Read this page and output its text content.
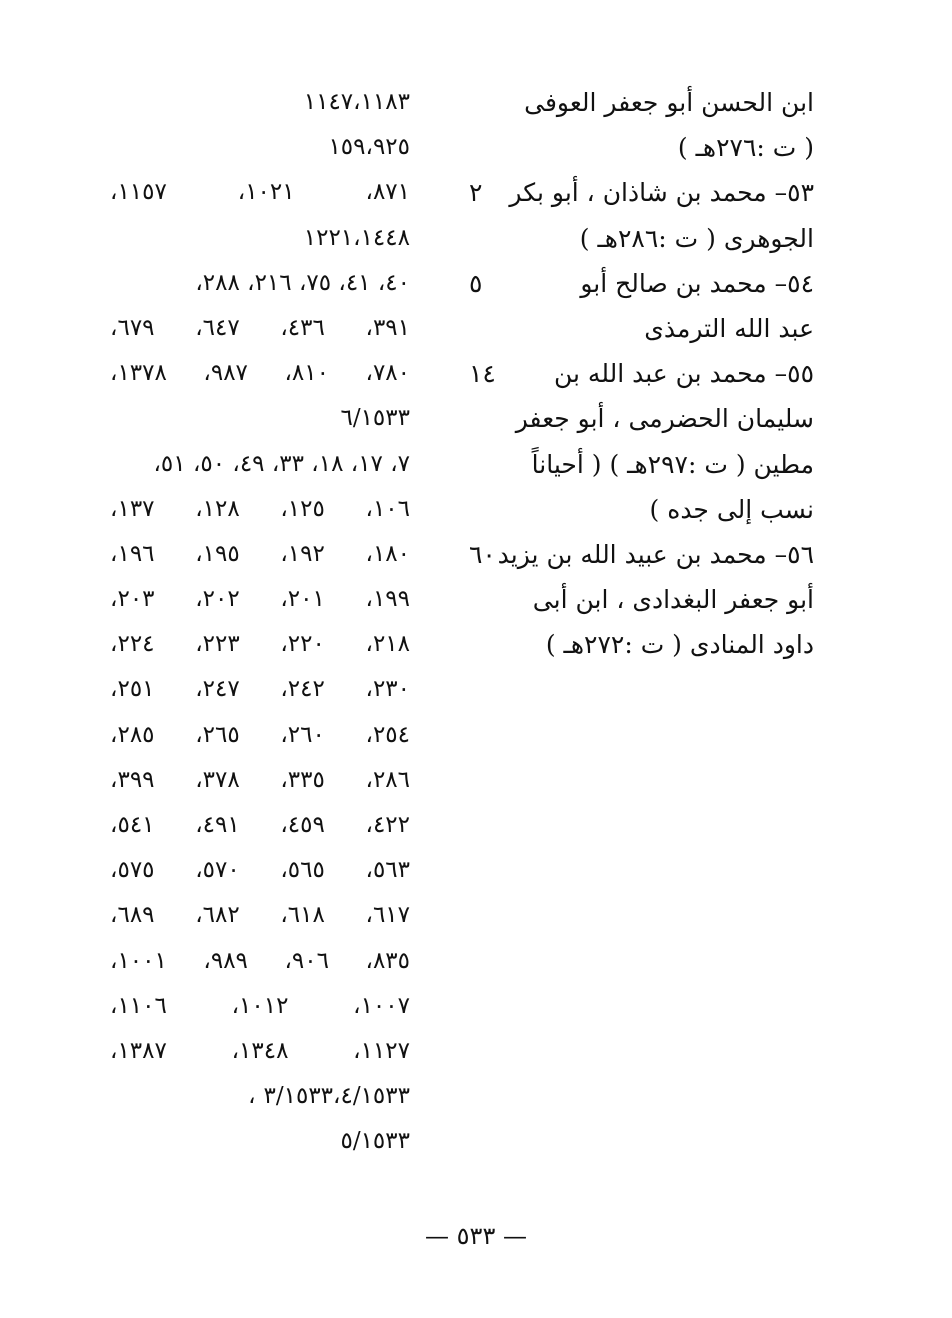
ابن الحسن أبو جعفر العوفى
( ت :٢٧٦هـ )
٥٣– محمد بن شاذان ، أبو بكر
٢
الجوهرى ( ت :٢٨٦هـ )
٥٤– محمد بن صالح أبو
٥
عبد الله الترمذى
٥٥– محمد بن عبد الله بن
١٤
سليمان الحضرمى ، أبو جعفر
مطين ( ت :٢٩٧هـ ) ( أحياناً
نسب إلى جده )
٥٦– محمد بن عبيد الله بن يزيد
٦٠
أبو جعفر البغدادى ، ابن أبى
داود المنادى ( ت :٢٧٢هـ )
١١٤٧،١١٨٣
١٥٩،٩٢٥
٨٧١،
١٠٢١،
١١٥٧،
١٢٢١،١٤٤٨
٤٠، ٤١، ٧٥، ٢١٦، ٢٨٨،
٣٩١،
٤٣٦،
٦٤٧،
٦٧٩،
٧٨٠،
٨١٠،
٩٨٧،
١٣٧٨،
٦/١٥٣٣
٧، ١٧، ١٨، ٣٣، ٤٩، ٥٠، ٥١،
١٠٦،
١٢٥،
١٢٨،
١٣٧،
١٨٠،
١٩٢،
١٩٥،
١٩٦،
١٩٩،
٢٠١،
٢٠٢،
٢٠٣،
٢١٨،
٢٢٠،
٢٢٣،
٢٢٤،
٢٣٠،
٢٤٢،
٢٤٧،
٢٥١،
٢٥٤،
٢٦٠،
٢٦٥،
٢٨٥،
٢٨٦،
٣٣٥،
٣٧٨،
٣٩٩،
٤٢٢،
٤٥٩،
٤٩١،
٥٤١،
٥٦٣،
٥٦٥،
٥٧٠،
٥٧٥،
٦١٧،
٦١٨،
٦٨٢،
٦٨٩،
٨٣٥،
٩٠٦،
٩٨٩،
١٠٠١،
١٠٠٧،
١٠١٢،
١١٠٦،
١١٢٧،
١٣٤٨،
١٣٨٧،
٣/١٥٣٣،٤/١٥٣٣،
٥/١٥٣٣
— ٥٣٣ —
